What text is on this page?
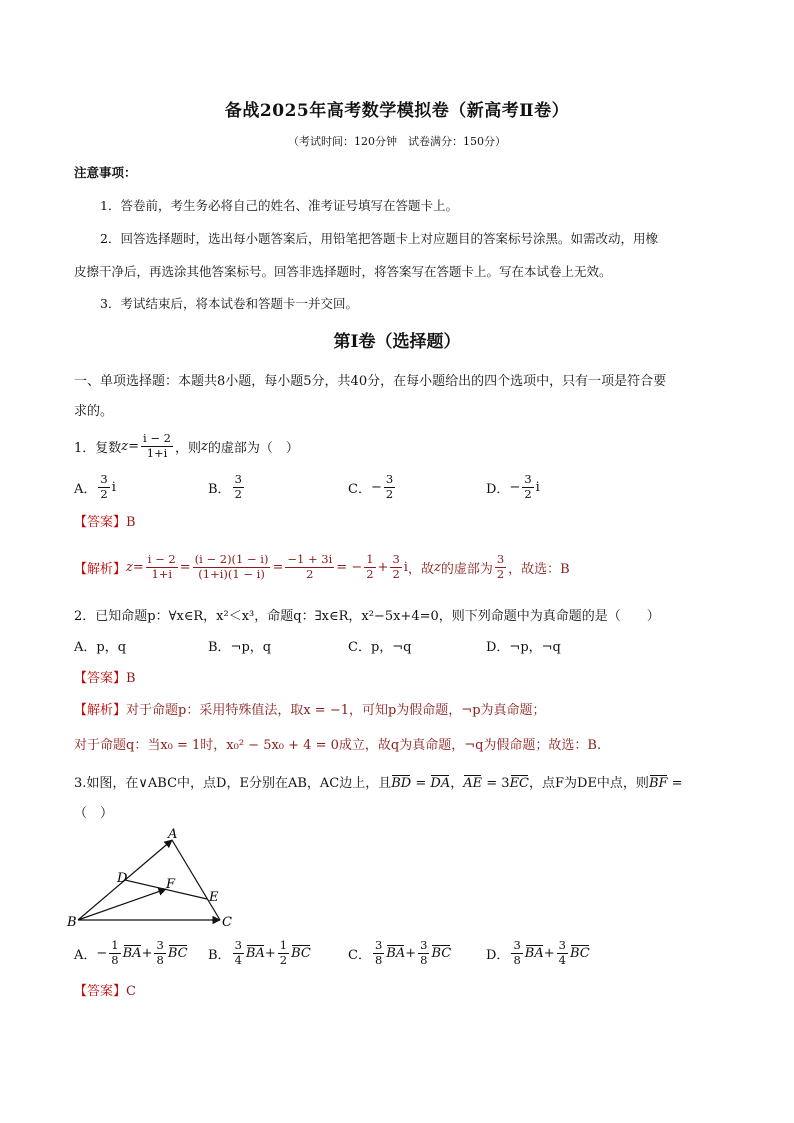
备战2025年高考数学模拟卷（新高考Ⅱ卷）
（考试时间：120分钟　试卷满分：150分）
注意事项：
1．答卷前，考生务必将自己的姓名、准考证号填写在答题卡上。
2．回答选择题时，选出每小题答案后，用铅笔把答题卡上对应题目的答案标号涂黑。如需改动，用橡
皮擦干净后，再选涂其他答案标号。回答非选择题时，将答案写在答题卡上。写在本试卷上无效。
3．考试结束后，将本试卷和答题卡一并交回。
第I卷（选择题）
一、单项选择题：本题共8小题，每小题5分，共40分，在每小题给出的四个选项中，只有一项是符合要
求的。
1．复数 $z = \frac{i - 2}{1+i}$ ，则 z 的虚部为（　）
A． $\frac{3}{2}$ i	B． $\frac{3}{2}$	C． − $\frac{3}{2}$	D． − $\frac{3}{2}$ i
【答案】B
【解析】 $z = \frac{i - 2}{1+i} = \frac{(i - 2)(1 - i)}{(1+i)(1 - i)} = \frac{-1 + 3i}{2}$ = − $\frac{1}{2} + \frac{3}{2}$ i ，故 z 的虚部为 $\frac{3}{2}$ ，故选：B
2．已知命题p：∀x∈R，x²＜x³，命题q：∃x∈R，x²−5x+4=0，则下列命题中为真命题的是（　　）
A．p，q	B．¬p，q	C．p，¬q	D．¬p，¬q
【答案】B
【解析】对于命题p：采用特殊值法，取x = −1，可知p为假命题，¬p为真命题；
对于命题q：当x₀ = 1时，x₀² − 5x₀ + 4 = 0成立，故q为真命题，¬q为假命题；故选：B.
3.如图，在∨ABC中，点D，E分别在AB，AC边上，且BD = DA，AE = 3EC，点F为DE中点，则BF =
（　）
A
B	C
D
E
F
A． − $\frac{1}{8}$ BA + $\frac{3}{8}$ BC B． $\frac{3}{4}$ BA + $\frac{1}{2}$ BC	C． $\frac{3}{8}$ BA + $\frac{3}{8}$ BC	D． $\frac{3}{8}$ BA + $\frac{3}{4}$ BC
【答案】C
